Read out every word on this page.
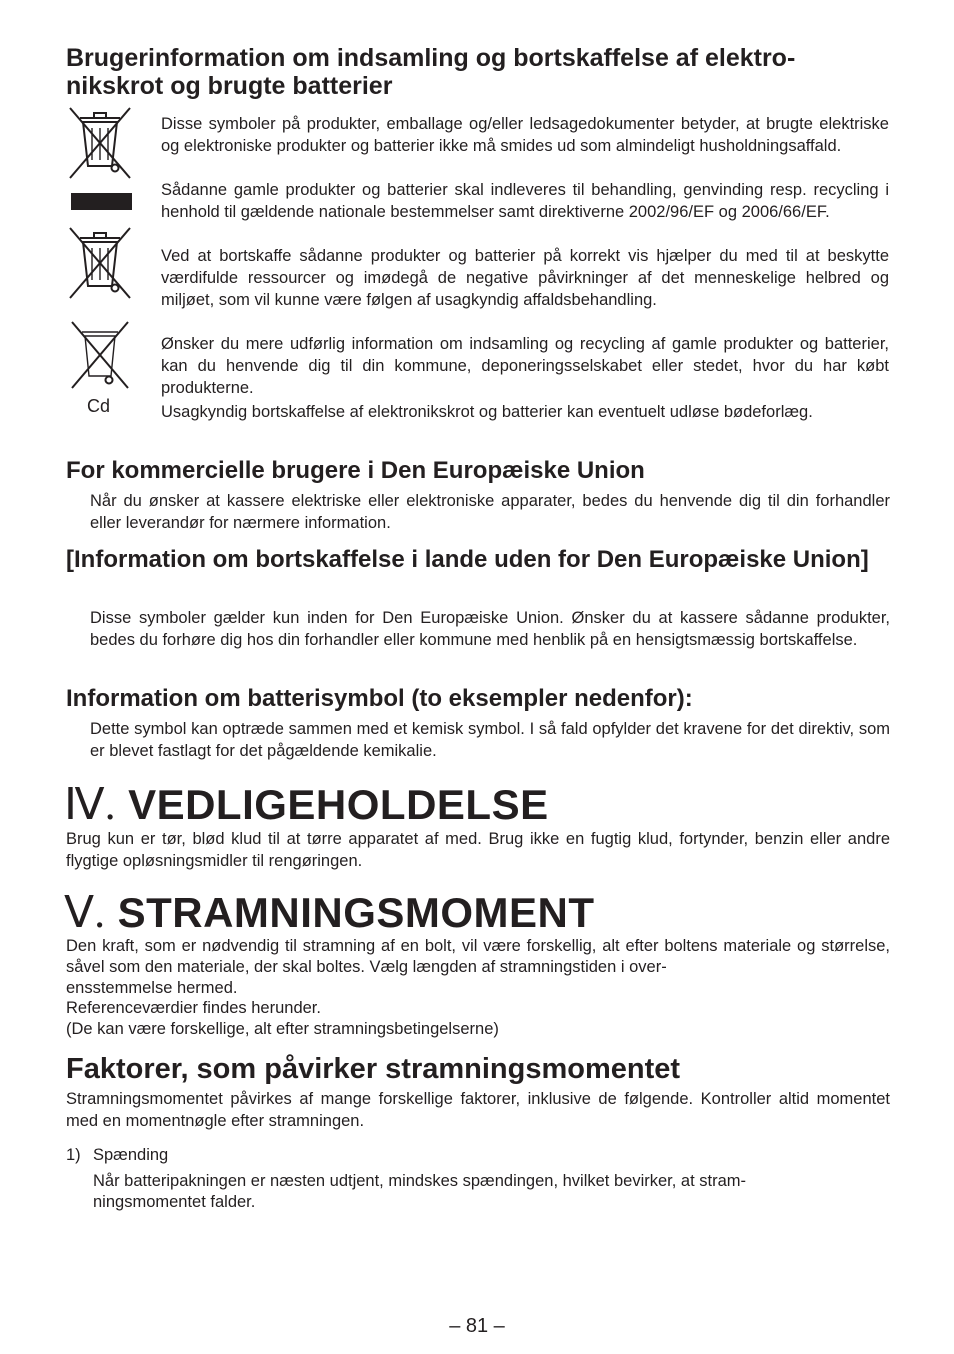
Brugerinformation om indsamling og bortskaffelse af elektro-
nikskrot og brugte batterier
Cd
Disse symboler på produkter, emballage og/eller ledsagedokumenter betyder, at brugte elektriske og elektroniske produkter og batterier ikke må smides ud som almindeligt husholdningsaffald.
Sådanne gamle produkter og batterier skal indleveres til behandling, genvinding resp. recycling i henhold til gældende nationale bestemmelser samt direktiverne 2002/96/EF og 2006/66/EF.
Ved at bortskaffe sådanne produkter og batterier på korrekt vis hjælper du med til at beskytte værdifulde ressourcer og imødegå de negative påvirkninger af det menneskelige helbred og miljøet, som vil kunne være følgen af usagkyndig affaldsbehandling.
Ønsker du mere udførlig information om indsamling og recycling af gamle produkter og batterier, kan du henvende dig til din kommune, deponeringsselskabet eller stedet, hvor du har købt produkterne.
Usagkyndig bortskaffelse af elektronikskrot og batterier kan eventuelt udløse bødeforlæg.
For kommercielle brugere i Den Europæiske Union
Når du ønsker at kassere elektriske eller elektroniske apparater, bedes du henvende dig til din forhandler eller leverandør for nærmere information.
[Information om bortskaffelse i lande uden for Den Europæiske Union]
Disse symboler gælder kun inden for Den Europæiske Union. Ønsker du at kassere sådanne produkter, bedes du forhøre dig hos din forhandler eller kommune med henblik på en hensigtsmæssig bortskaffelse.
Information om batterisymbol (to eksempler nedenfor):
Dette symbol kan optræde sammen med et kemisk symbol. I så fald opfylder det kravene for det direktiv, som er blevet fastlagt for det pågældende kemikalie.
Ⅳ. VEDLIGEHOLDELSE
Brug kun er tør, blød klud til at tørre apparatet af med. Brug ikke en fugtig klud, fortynder, benzin eller andre flygtige opløsningsmidler til rengøringen.
Ⅴ. STRAMNINGSMOMENT
Den kraft, som er nødvendig til stramning af en bolt, vil være forskellig, alt efter boltens materiale og størrelse, såvel som den materiale, der skal boltes. Vælg længden af stramningstiden i over-
ensstemmelse hermed.
Referenceværdier findes herunder.
(De kan være forskellige, alt efter stramningsbetingelserne)
Faktorer, som påvirker stramningsmomentet
Stramningsmomentet påvirkes af mange forskellige faktorer, inklusive de følgende. Kontroller altid momentet med en momentnøgle efter stramningen.
1) Spænding
Når batteripakningen er næsten udtjent, mindskes spændingen, hvilket bevirker, at stram-
ningsmomentet falder.
– 81 –
